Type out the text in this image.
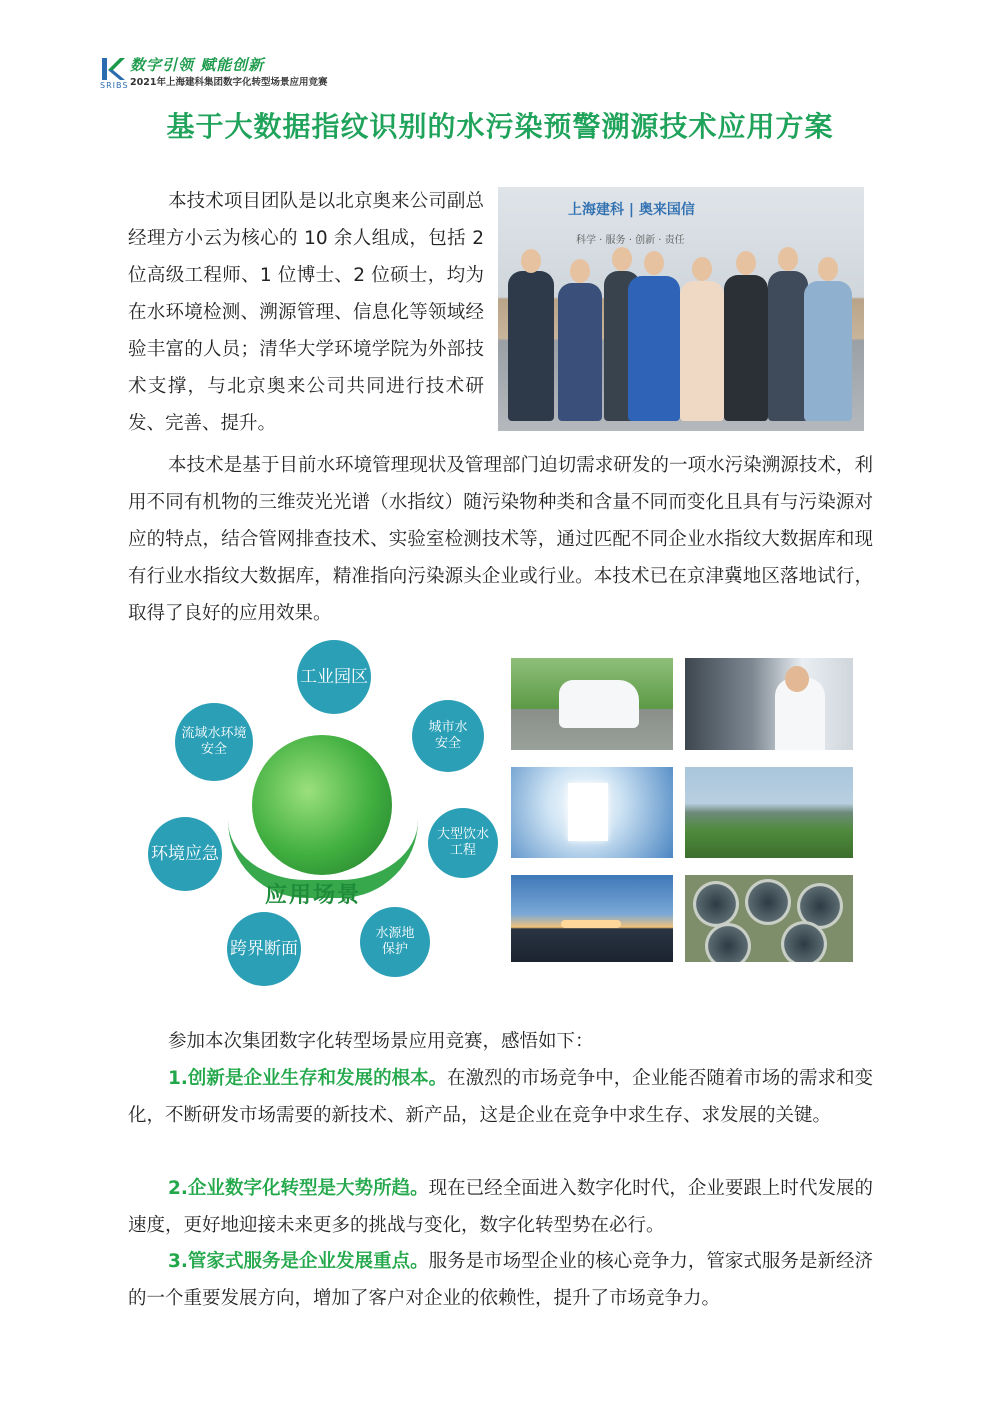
SRIBS
数字引领 赋能创新
2021年上海建科集团数字化转型场景应用竞赛
基于大数据指纹识别的水污染预警溯源技术应用方案
本技术项目团队是以北京奥来公司副总经理方小云为核心的 10 余人组成，包括 2 位高级工程师、1 位博士、2 位硕士，均为在水环境检测、溯源管理、信息化等领域经验丰富的人员；清华大学环境学院为外部技术支撑，与北京奥来公司共同进行技术研发、完善、提升。
上海建科 | 奥来国信
科学 · 服务 · 创新 · 责任
本技术是基于目前水环境管理现状及管理部门迫切需求研发的一项水污染溯源技术，利用不同有机物的三维荧光光谱（水指纹）随污染物种类和含量不同而变化且具有与污染源对应的特点，结合管网排查技术、实验室检测技术等，通过匹配不同企业水指纹大数据库和现有行业水指纹大数据库，精准指向污染源头企业或行业。本技术已在京津冀地区落地试行，取得了良好的应用效果。
应用场景
工业园区
城市水
安全
大型饮水
工程
水源地
保护
跨界断面
环境应急
流域水环境
安全
参加本次集团数字化转型场景应用竞赛，感悟如下：
1.创新是企业生存和发展的根本。在激烈的市场竞争中，企业能否随着市场的需求和变化，不断研发市场需要的新技术、新产品，这是企业在竞争中求生存、求发展的关键。
2.企业数字化转型是大势所趋。现在已经全面进入数字化时代，企业要跟上时代发展的速度，更好地迎接未来更多的挑战与变化，数字化转型势在必行。
3.管家式服务是企业发展重点。服务是市场型企业的核心竞争力，管家式服务是新经济的一个重要发展方向，增加了客户对企业的依赖性，提升了市场竞争力。
